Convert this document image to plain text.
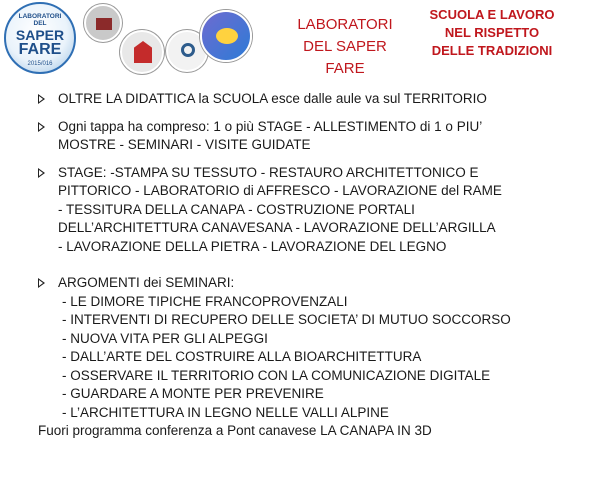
LABORATORI
DEL
SAPER
FARE
2015/016
LABORATORI
DEL SAPER FARE
SCUOLA E LAVORO
NEL RISPETTO
DELLE TRADIZIONI
OLTRE LA DIDATTICA la SCUOLA esce dalle aule va sul TERRITORIO
Ogni tappa ha compreso: 1 o più STAGE - ALLESTIMENTO di 1 o PIU’
MOSTRE - SEMINARI - VISITE GUIDATE
STAGE: -STAMPA SU TESSUTO - RESTAURO ARCHITETTONICO E
PITTORICO - LABORATORIO di AFFRESCO - LAVORAZIONE del RAME
- TESSITURA DELLA CANAPA - COSTRUZIONE PORTALI
DELL’ARCHITETTURA CANAVESANA - LAVORAZIONE DELL’ARGILLA
- LAVORAZIONE DELLA PIETRA - LAVORAZIONE DEL LEGNO
ARGOMENTI dei SEMINARI:
- LE DIMORE TIPICHE FRANCOPROVENZALI
- INTERVENTI DI RECUPERO DELLE SOCIETA’ DI MUTUO SOCCORSO
- NUOVA VITA PER GLI ALPEGGI
- DALL’ARTE DEL COSTRUIRE ALLA BIOARCHITETTURA
- OSSERVARE IL TERRITORIO CON LA COMUNICAZIONE DIGITALE
- GUARDARE A MONTE PER PREVENIRE
- L’ARCHITETTURA IN LEGNO NELLE VALLI ALPINE
Fuori programma conferenza a Pont canavese LA CANAPA IN 3D
